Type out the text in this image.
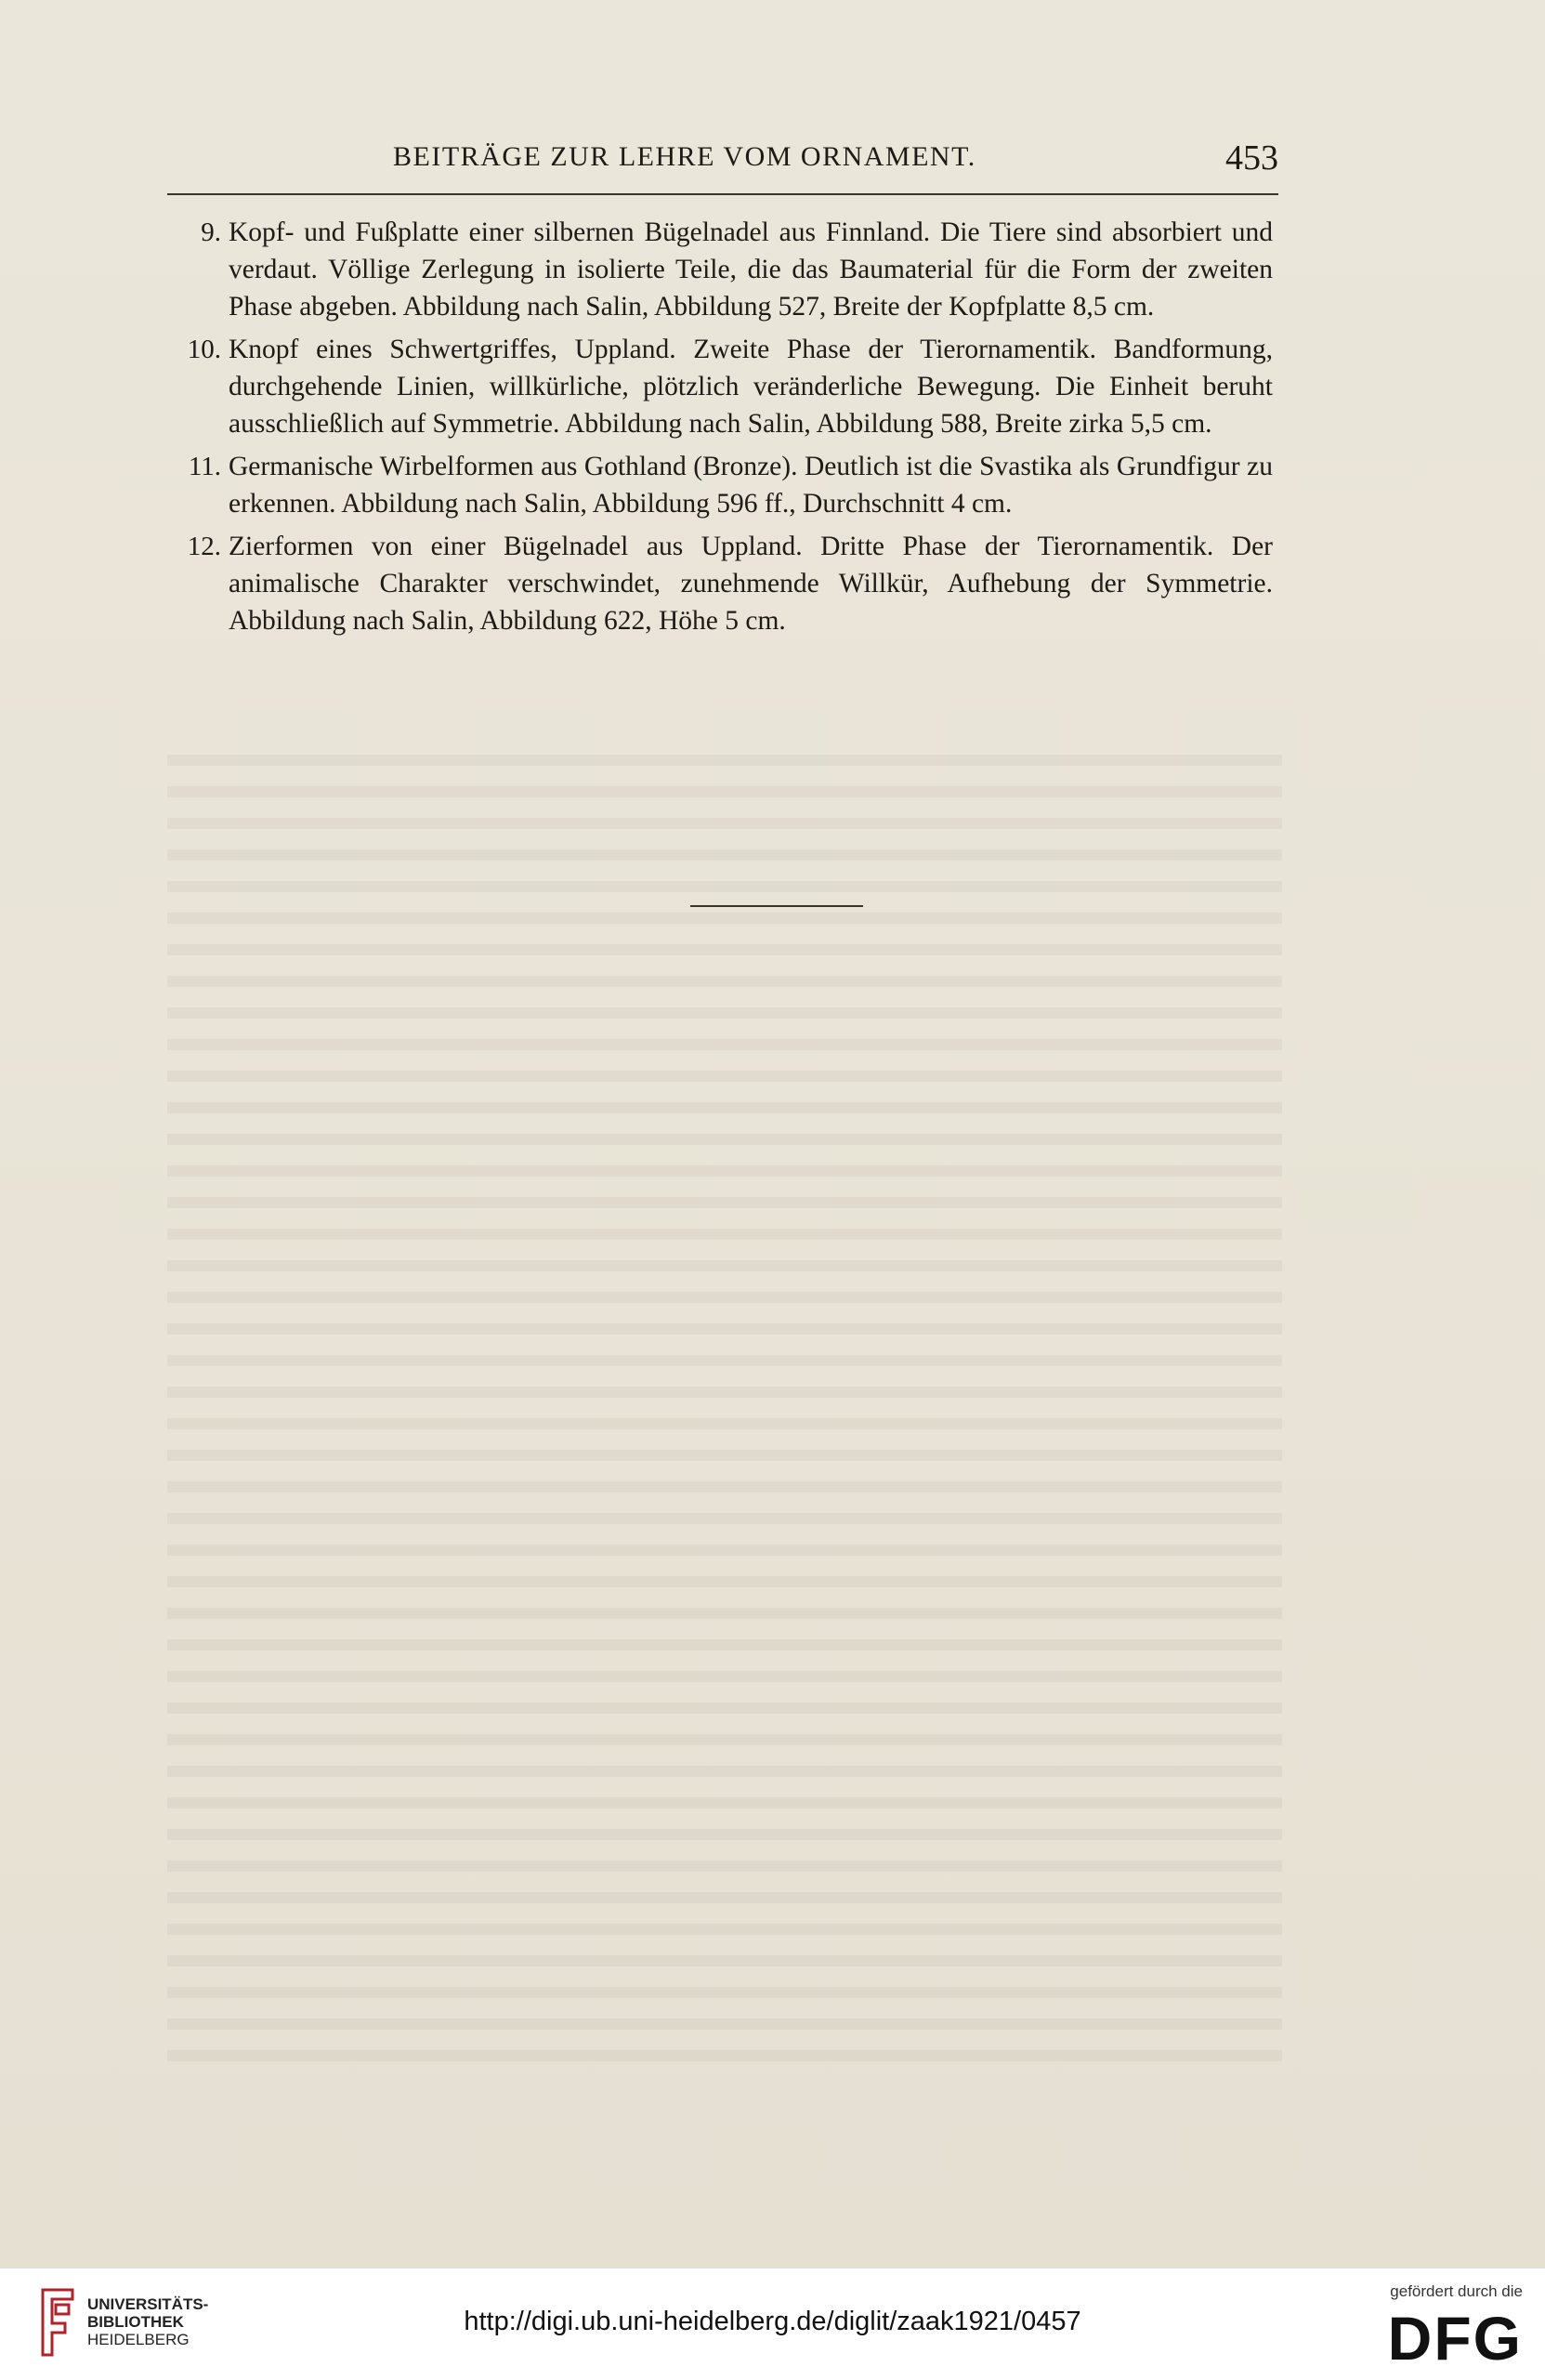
BEITRÄGE ZUR LEHRE VOM ORNAMENT.	453
9. Kopf- und Fußplatte einer silbernen Bügelnadel aus Finnland. Die Tiere sind absorbiert und verdaut. Völlige Zerlegung in isolierte Teile, die das Baumaterial für die Form der zweiten Phase abgeben. Abbildung nach Salin, Abbildung 527, Breite der Kopfplatte 8,5 cm.
10. Knopf eines Schwertgriffes, Uppland. Zweite Phase der Tierornamentik. Bandformung, durchgehende Linien, willkürliche, plötzlich veränderliche Bewegung. Die Einheit beruht ausschließlich auf Symmetrie. Abbildung nach Salin, Abbildung 588, Breite zirka 5,5 cm.
11. Germanische Wirbelformen aus Gothland (Bronze). Deutlich ist die Svastika als Grundfigur zu erkennen. Abbildung nach Salin, Abbildung 596 ff., Durchschnitt 4 cm.
12. Zierformen von einer Bügelnadel aus Uppland. Dritte Phase der Tierornamentik. Der animalische Charakter verschwindet, zunehmende Willkür, Aufhebung der Symmetrie. Abbildung nach Salin, Abbildung 622, Höhe 5 cm.
UNIVERSITÄTS-
BIBLIOTHEK
HEIDELBERG
http://digi.ub.uni-heidelberg.de/diglit/zaak1921/0457
gefördert durch die
DFG
